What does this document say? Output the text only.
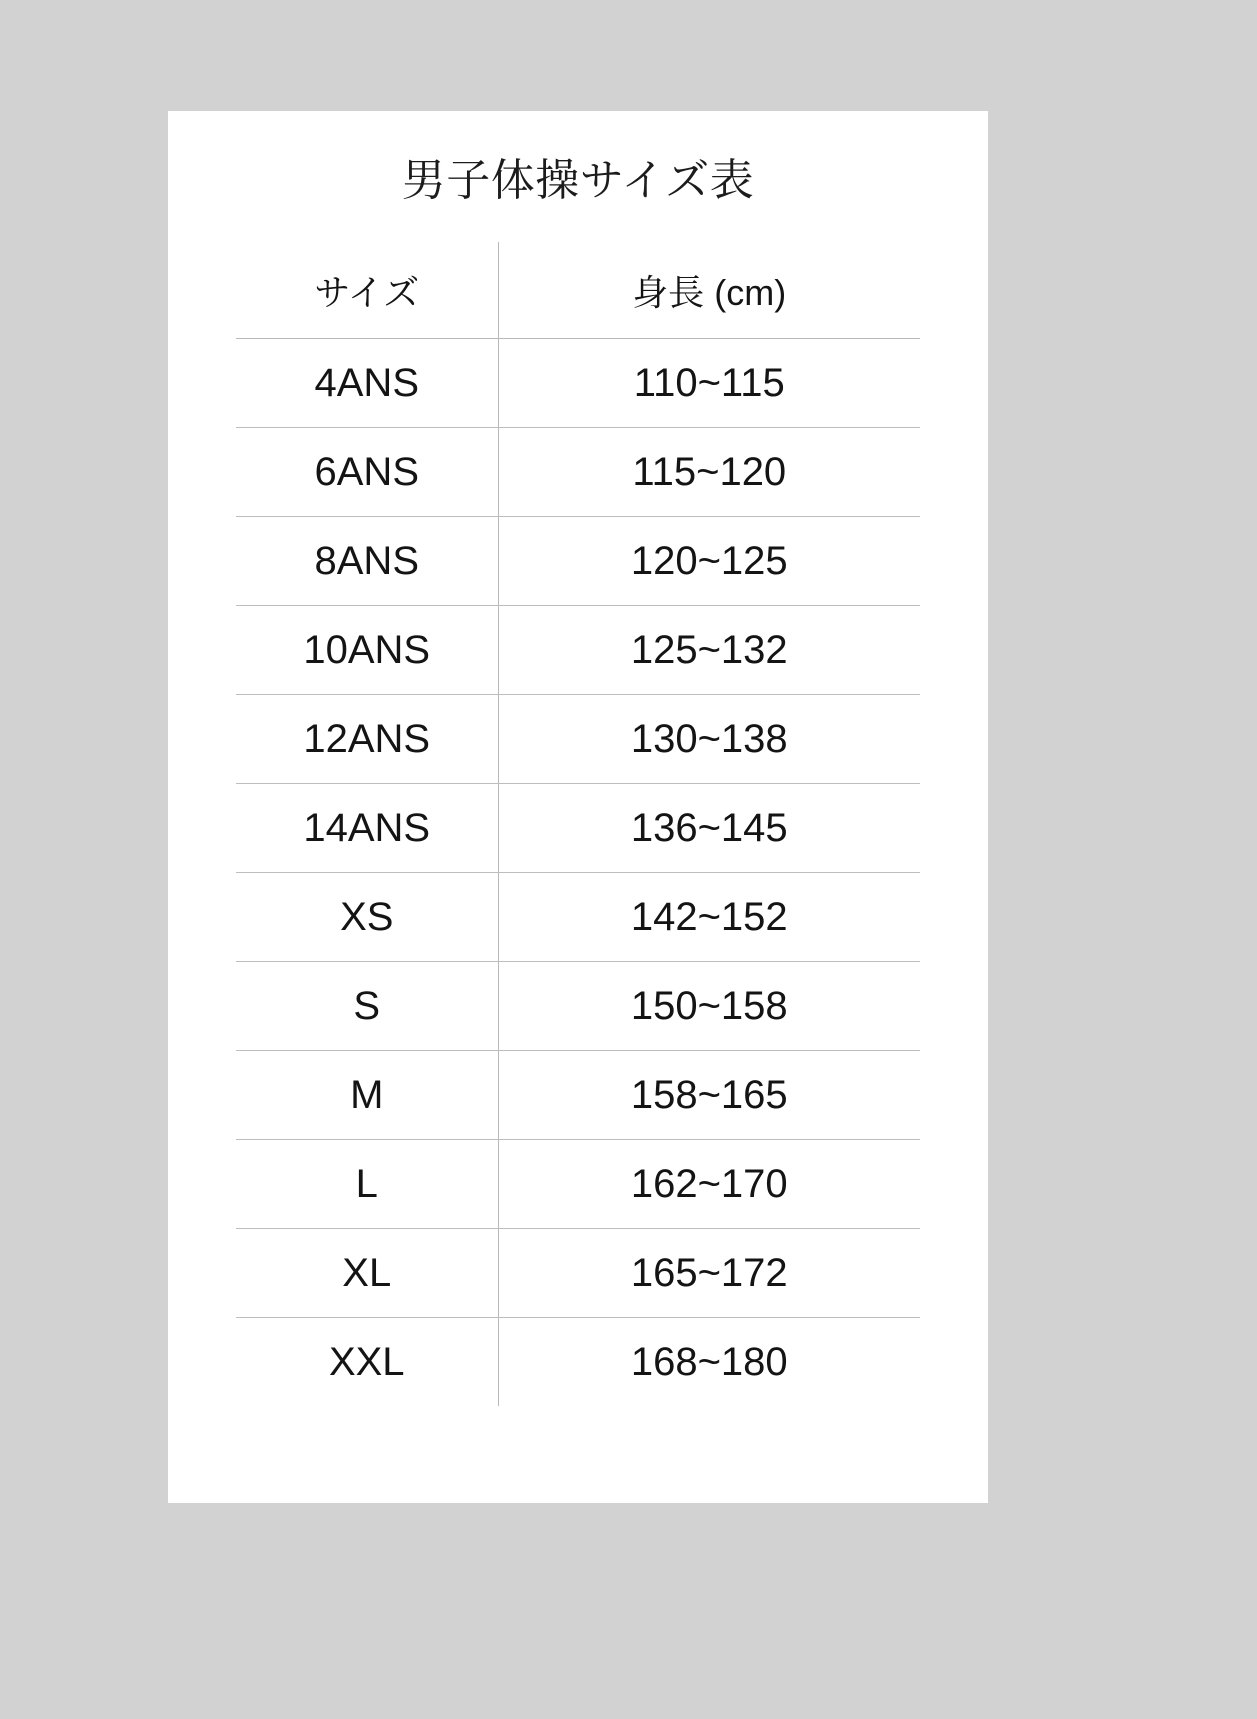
男子体操サイズ表
サイズ	身長 (cm)
4ANS	110~115
6ANS	115~120
8ANS	120~125
10ANS	125~132
12ANS	130~138
14ANS	136~145
XS	142~152
S	150~158
M	158~165
L	162~170
XL	165~172
XXL	168~180
